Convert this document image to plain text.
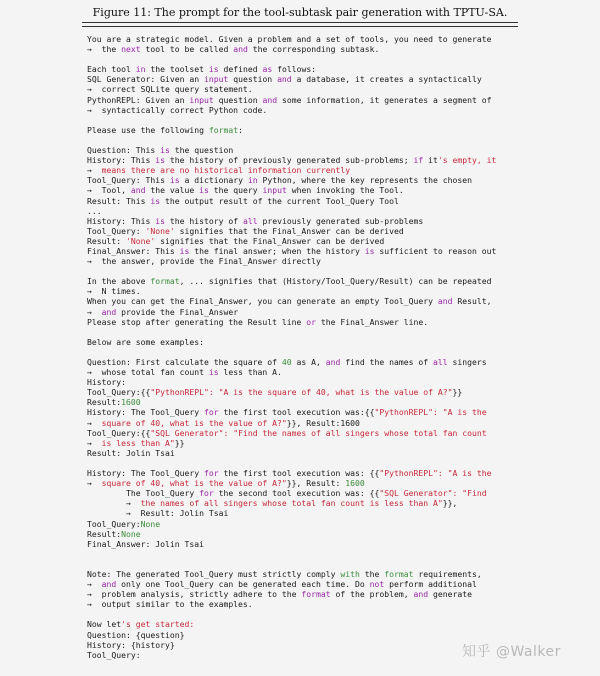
Figure 11: The prompt for the tool-subtask pair generation with TPTU-SA.
You are a strategic model. Given a problem and a set of tools, you need to generate
→  the next tool to be called and the corresponding subtask.
Each tool in the toolset is defined as follows:
SQL Generator: Given an input question and a database, it creates a syntactically
→  correct SQLite query statement.
PythonREPL: Given an input question and some information, it generates a segment of
→  syntactically correct Python code.
Please use the following format:
Question: This is the question
History: This is the history of previously generated sub-problems; if it's empty, it
→  means there are no historical information currently
Tool_Query: This is a dictionary in Python, where the key represents the chosen
→  Tool, and the value is the query input when invoking the Tool.
Result: This is the output result of the current Tool_Query Tool
...
History: This is the history of all previously generated sub-problems
Tool_Query: 'None' signifies that the Final_Answer can be derived
Result: 'None' signifies that the Final_Answer can be derived
Final_Answer: This is the final answer; when the history is sufficient to reason out
→  the answer, provide the Final_Answer directly
In the above format, ... signifies that (History/Tool_Query/Result) can be repeated
→  N times.
When you can get the Final_Answer, you can generate an empty Tool_Query and Result,
→  and provide the Final_Answer
Please stop after generating the Result line or the Final_Answer line.
Below are some examples:
Question: First calculate the square of 40 as A, and find the names of all singers
→  whose total fan count is less than A.
History:
Tool_Query:{{"PythonREPL": "A is the square of 40, what is the value of A?"}}
Result:1600
History: The Tool_Query for the first tool execution was:{{"PythonREPL": "A is the
→  square of 40, what is the value of A?"}}, Result:1600
Tool_Query:{{"SQL Generator": "Find the names of all singers whose total fan count
→  is less than A"}}
Result: Jolin Tsai
History: The Tool_Query for the first tool execution was: {{"PythonREPL": "A is the
→  square of 40, what is the value of A?"}}, Result: 1600
The Tool_Query for the second tool execution was: {{"SQL Generator": "Find
→  the names of all singers whose total fan count is less than A"}},
→  Result: Jolin Tsai
Tool_Query:None
Result:None
Final_Answer: Jolin Tsai
Note: The generated Tool_Query must strictly comply with the format requirements,
→  and only one Tool_Query can be generated each time. Do not perform additional
→  problem analysis, strictly adhere to the format of the problem, and generate
→  output similar to the examples.
Now let's get started:
Question: {question}
History: {history}
Tool_Query:	知乎 @Walker
